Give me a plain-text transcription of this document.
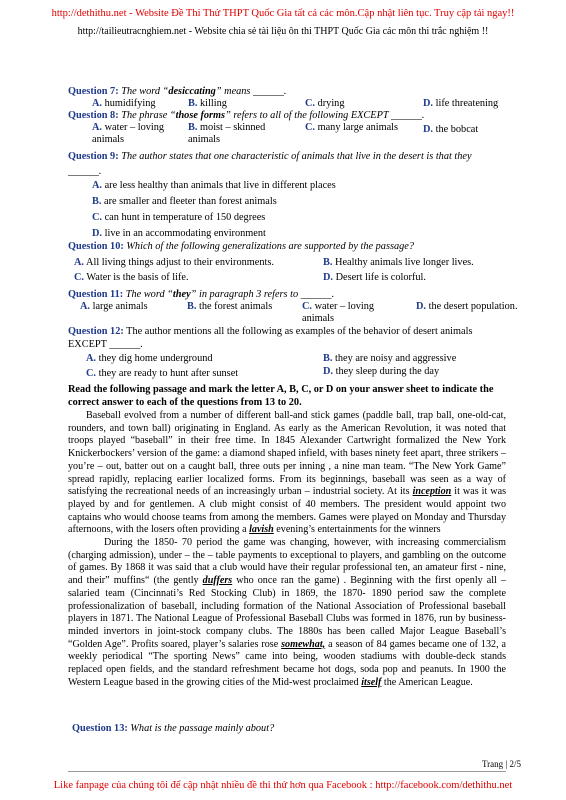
http://dethithu.net - Website Đề Thi Thử THPT Quốc Gia tất cả các môn.Cập nhật liên tục. Truy cập tải ngay!!
http://tailieutracnghiem.net - Website chia sẻ tài liệu ôn thi THPT Quốc Gia các môn thi trắc nghiệm !!
Question 7: The word “desiccating” means ______.
A. humidifying	B. killing	C. drying	D. life threatening
Question 8: The phrase “those forms” refers to all of the following EXCEPT ______.
A. water – loving animals
B. moist – skinned animals
C. many large animals D. the bobcat
Question 9: The author states that one characteristic of animals that live in the desert is that they ______.
A. are less healthy than animals that live in different places
B. are smaller and fleeter than forest animals
C. can hunt in temperature of 150 degrees
D. live in an accommodating environment
Question 10: Which of the following generalizations are supported by the passage?
A. All living things adjust to their environments.	B. Healthy animals live longer lives.
C. Water is the basis of life.	D. Desert life is colorful.
Question 11: The word “they” in paragraph 3 refers to ______.
A. large animals	B. the forest animals	C. water – loving animals
D. the desert population.
Question 12: The author mentions all the following as examples of the behavior of desert animals EXCEPT ______.
A. they dig home underground	B. they are noisy and aggressive
C. they are ready to hunt after sunset	D. they sleep during the day
Read the following passage and mark the letter A, B, C, or D on your answer sheet to indicate the correct answer to each of the questions from 13 to 20.

Baseball evolved from a number of different ball-and stick games (paddle ball, trap ball, one-old-cat, rounders, and town ball) originating in England. As early as the American Revolution, it was noted that troops played “baseball” in their free time. In 1845 Alexander Cartwright formalized the New York Knickerbockers’ version of the game: a diamond shaped infield, with bases ninety feet apart, three strikers – you’re – out, batter out on a caught ball, three outs per inning , a nine man team. “The New York Game” spread rapidly, replacing earlier localized forms. From its beginnings, baseball was seen as a way of satisfying the recreational needs of an increasingly urban – industrial society. At its inception it was it was played by and for gentlemen. A club might consist of 40 members. The president would appoint two captains who would choose teams from among the members. Games were played on Monday and Thursday afternoons, with the losers often providing a lavish evening’s entertainments for the winners

During the 1850- 70 period the game was changing, however, with increasing commercialism (charging admission), under – the – table payments to exceptional to players, and gambling on the outcome of games. By 1868 it was said that a club would have their regular professional ten, an amateur first - nine, and their” muffins“ (the gently duffers who once ran the game) . Beginning with the first openly all – salaried team (Cincinnati’s Red Stocking Club) in 1869, the 1870- 1890 period saw the complete professionalization of baseball, including formation of the National Association of Professional baseball players in 1871. The National League of Professional Baseball Clubs was formed in 1876, run by business-minded invertors in joint-stock company clubs. The 1880s has been called Major League Baseball’s “Golden Age”. Profits soared, player’s salaries rose somewhat, a season of 84 games became one of 132, a weekly periodical “The sporting News” came into being, wooden stadiums with double-deck stands replaced open fields, and the standard refreshment became hot dogs, soda pop and peanuts. In 1900 the Western League based in the growing cities of the Mid-west proclaimed itself the American League.

Question 13: What is the passage mainly about?
Trang | 2/5
Like fanpage của chúng tôi để cập nhật nhiều đề thi thử hơn qua Facebook : http://facebook.com/dethithu.net
